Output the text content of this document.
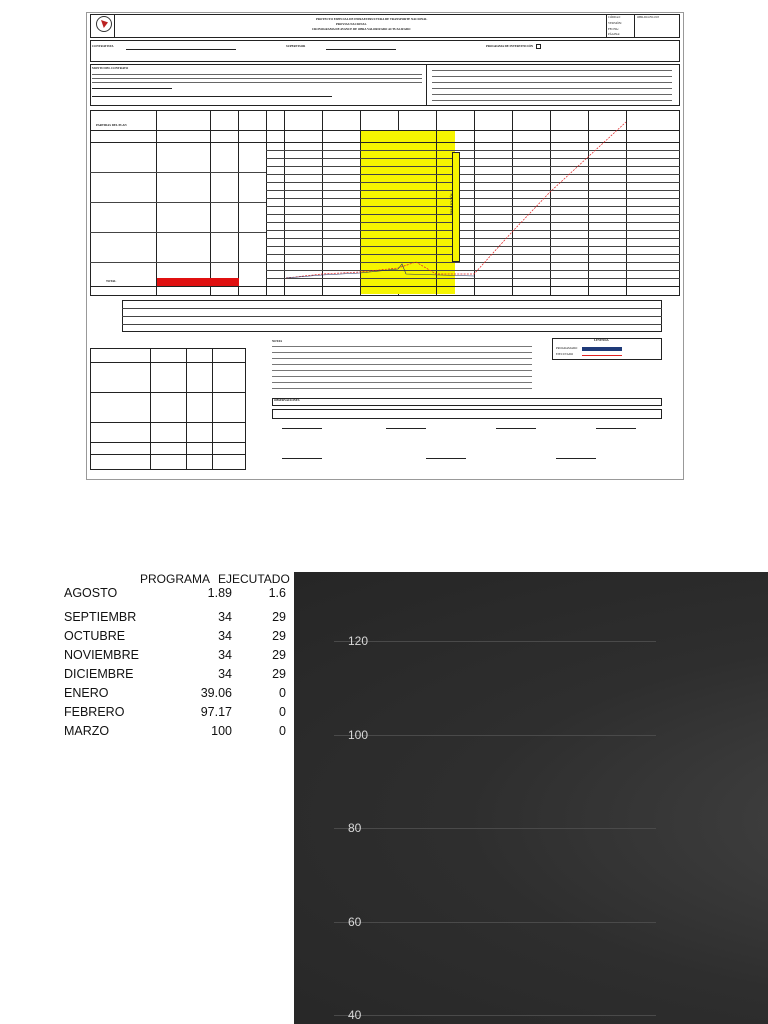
PROYECTO ESPECIAL DE INFRAESTRUCTURA DE TRANSPORTE NACIONAL
PROVIAS NACIONAL
CRONOGRAMA DE AVANCE DE OBRA VALORIZADO ACTUALIZADO
CÓDIGO:
VERSIÓN:
FECHA:
PÁGINA:
OBR-DO-FO-018
CONTRATISTA	SUPERVISOR	PROGRAMA DE INTERVENCIÓN
MONTO DEL CONTRATO
PARTIDAS DEL PLAN
TOTAL
PARALIZACIÓN
NOTAS
OBSERVACIONES
LEYENDA
PROGRAMADO
EJECUTADO
PROGRAMA EJECUTADO
AGOSTO	1.89	1.6
SEPTIEMBR	34	29
OCTUBRE	34	29
NOVIEMBRE	34	29
DICIEMBRE	34	29
ENERO	39.06	0
FEBRERO	97.17	0
MARZO	100	0
120
100
80
60
40
